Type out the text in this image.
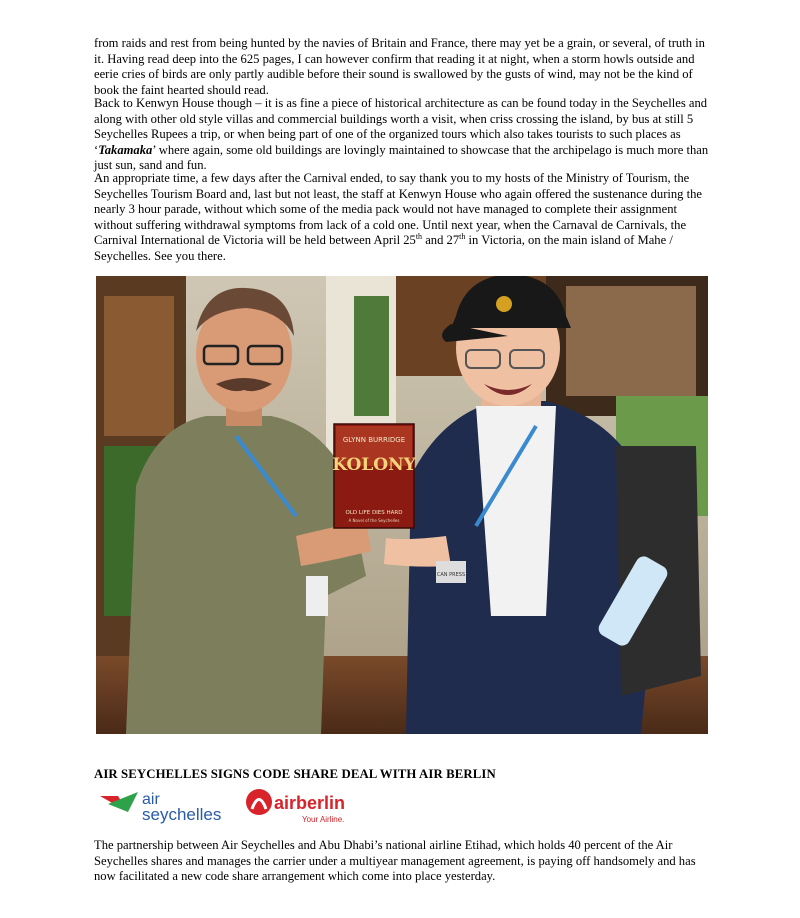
from raids and rest from being hunted by the navies of Britain and France, there may yet be a grain, or several, of truth in it. Having read deep into the 625 pages, I can however confirm that reading it at night, when a storm howls outside and eerie cries of birds are only partly audible before their sound is swallowed by the gusts of wind, may not be the kind of book the faint hearted should read.

Back to Kenwyn House though – it is as fine a piece of historical architecture as can be found today in the Seychelles and along with other old style villas and commercial buildings worth a visit, when criss crossing the island, by bus at still 5 Seychelles Rupees a trip, or when being part of one of the organized tours which also takes tourists to such places as ‘Takamaka’ where again, some old buildings are lovingly maintained to showcase that the archipelago is much more than just sun, sand and fun.

An appropriate time, a few days after the Carnival ended, to say thank you to my hosts of the Ministry of Tourism, the Seychelles Tourism Board and, last but not least, the staff at Kenwyn House who again offered the sustenance during the nearly 3 hour parade, without which some of the media pack would not have managed to complete their assignment without suffering withdrawal symptoms from lack of a cold one. Until next year, when the Carnaval de Carnivals, the Carnival International de Victoria will be held between April 25th and 27th in Victoria, on the main island of Mahe / Seychelles. See you there.

CAN PRESS
GLYNN BURRIDGE
KOLONY
OLD LIFE DIES HARD
A Novel of the Seychelles

AIR SEYCHELLES SIGNS CODE SHARE DEAL WITH AIR BERLIN

air
seychelles
airberlin
Your Airline.

The partnership between Air Seychelles and Abu Dhabi’s national airline Etihad, which holds 40 percent of the Air Seychelles shares and manages the carrier under a multiyear management agreement, is paying off handsomely and has now facilitated a new code share arrangement which come into place yesterday.
